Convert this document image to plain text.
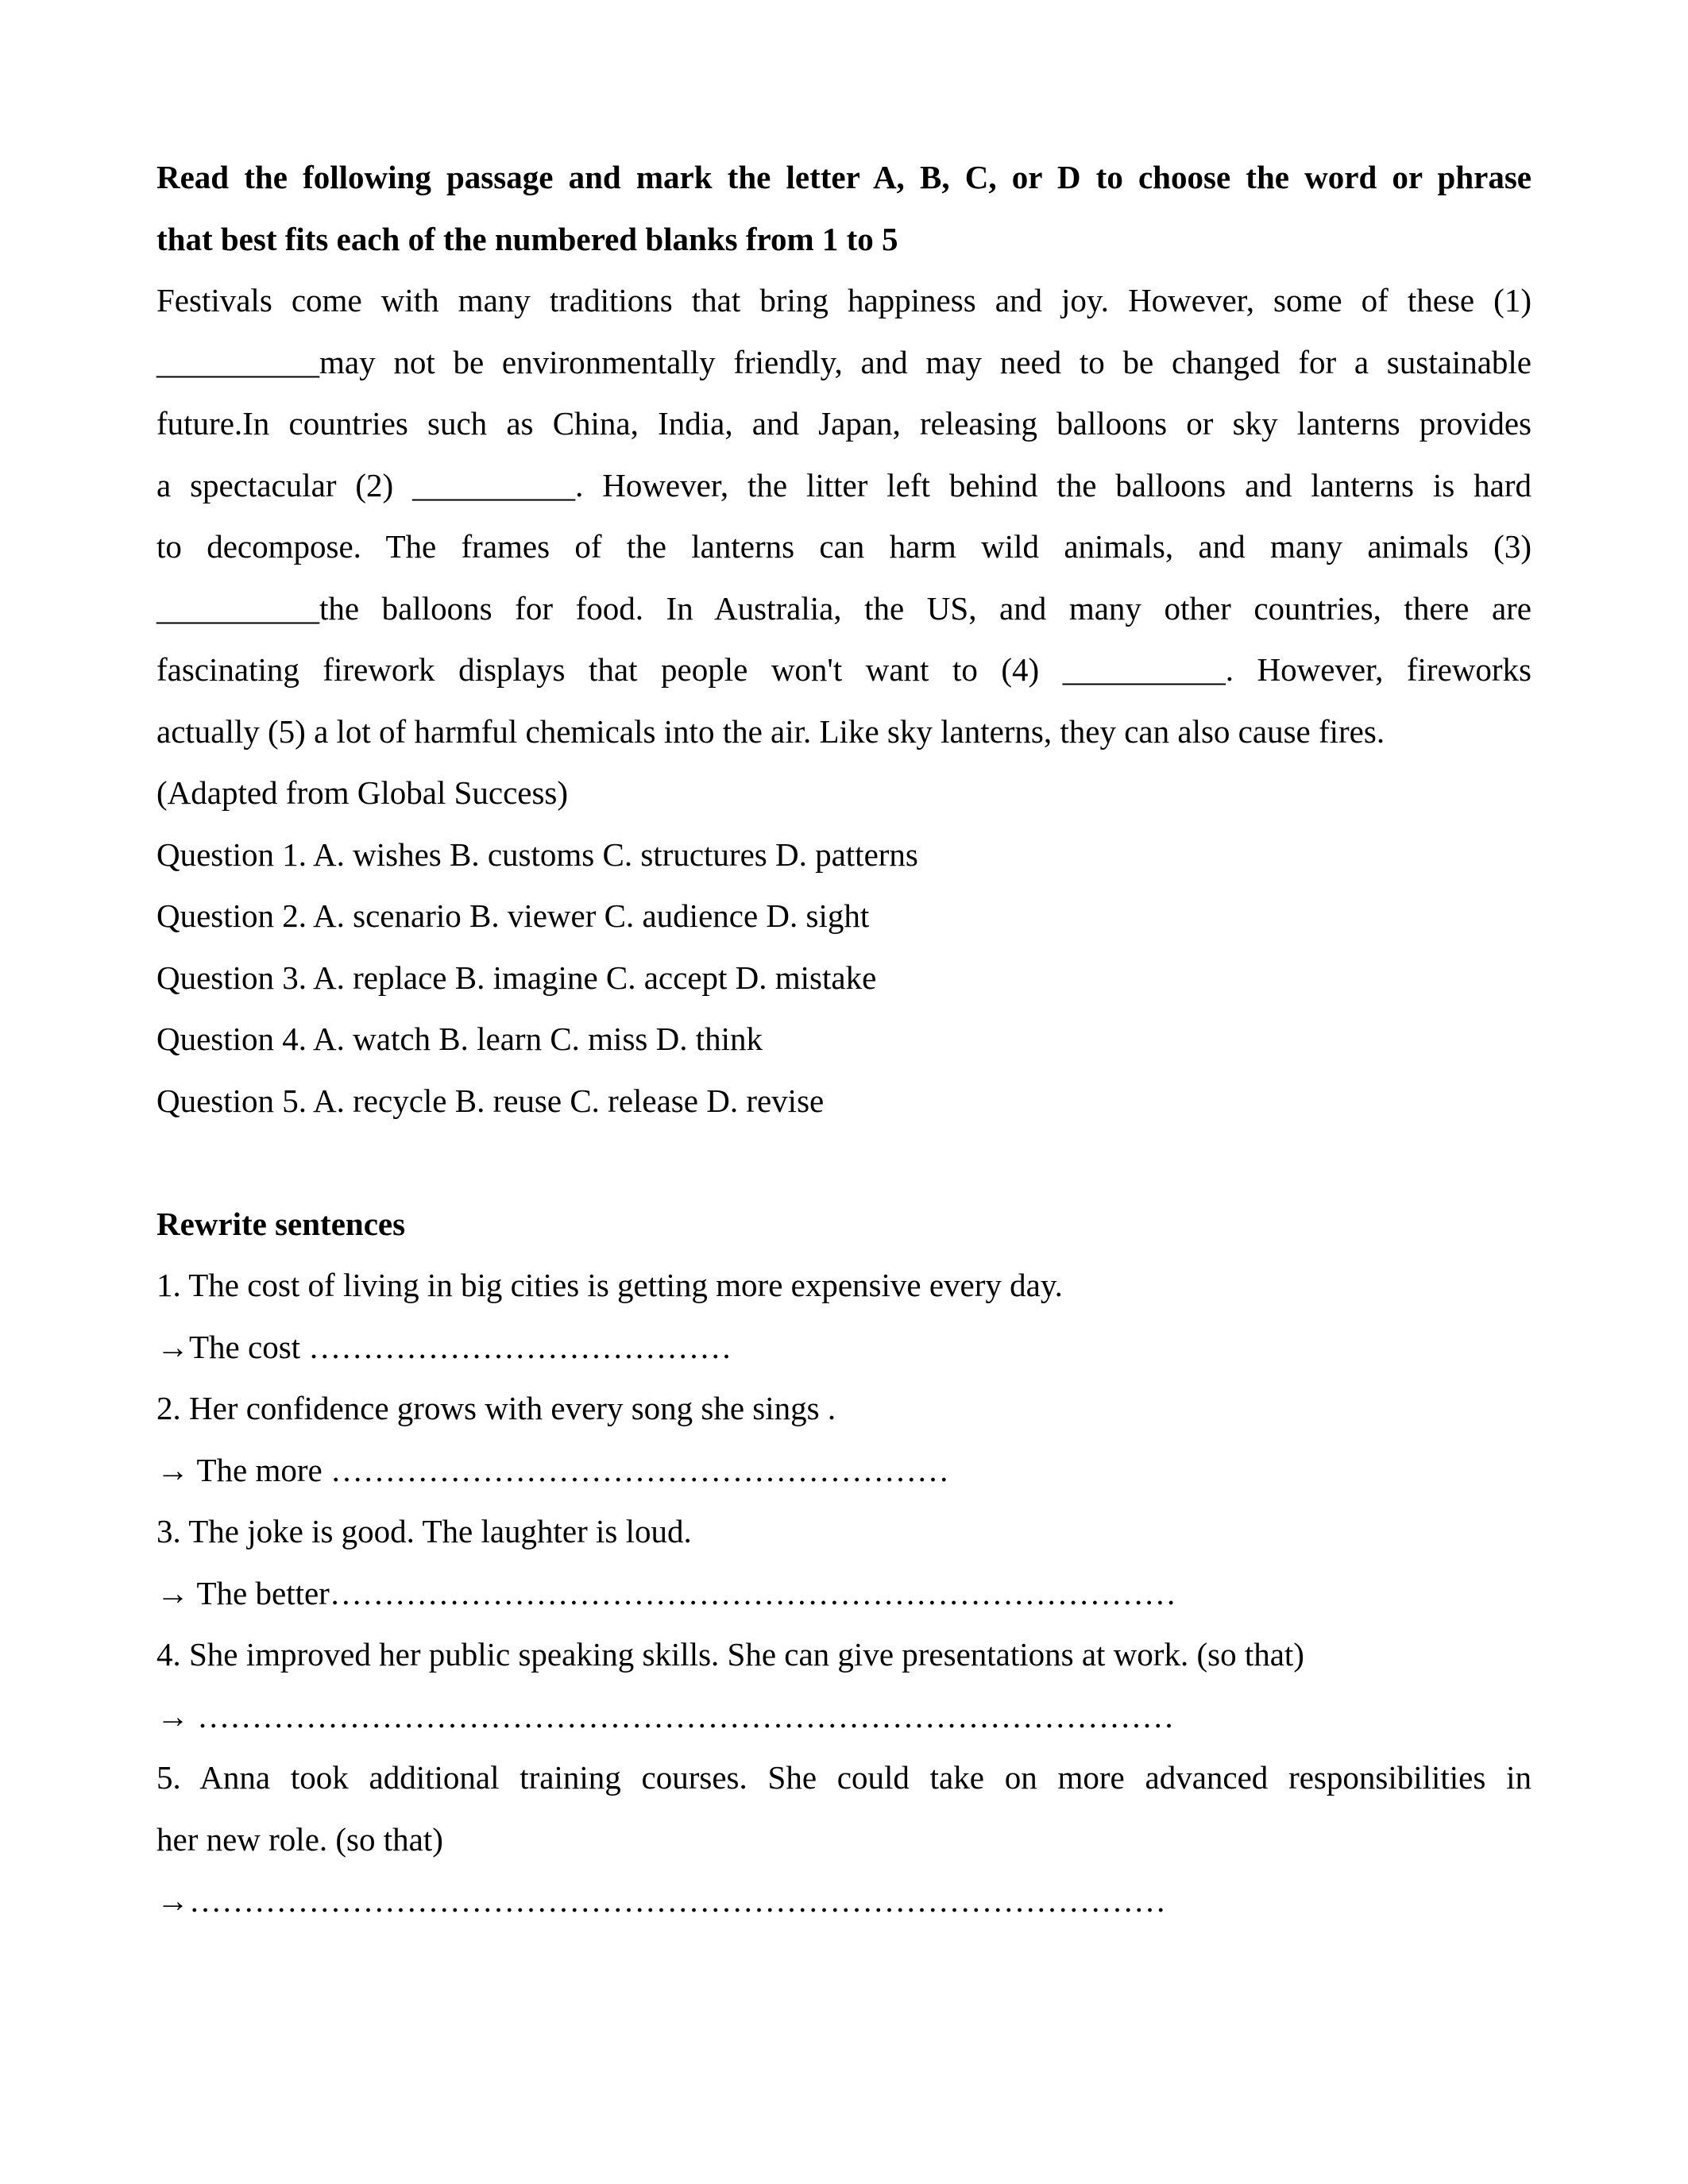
Read the following passage and mark the letter A, B, C, or D to choose the word or phrase
that best fits each of the numbered blanks from 1 to 5
Festivals come with many traditions that bring happiness and joy. However, some of these (1)
__________may not be environmentally friendly, and may need to be changed for a sustainable
future.In countries such as China, India, and Japan, releasing balloons or sky lanterns provides
a spectacular (2) __________. However, the litter left behind the balloons and lanterns is hard
to decompose. The frames of the lanterns can harm wild animals, and many animals (3)
__________the balloons for food. In Australia, the US, and many other countries, there are
fascinating firework displays that people won't want to (4) __________. However, fireworks
actually (5) a lot of harmful chemicals into the air. Like sky lanterns, they can also cause fires.
(Adapted from Global Success)
Question 1. A. wishes B. customs C. structures D. patterns
Question 2. A. scenario B. viewer C. audience D. sight
Question 3. A. replace B. imagine C. accept D. mistake
Question 4. A. watch B. learn C. miss D. think
Question 5. A. recycle B. reuse C. release D. revise
Rewrite sentences
1. The cost of living in big cities is getting more expensive every day.
→The cost …………………………………
2. Her confidence grows with every song she sings .
→ The more …………………………………………………
3. The joke is good. The laughter is loud.
→ The better……………………………………………………………………
4. She improved her public speaking skills. She can give presentations at work. (so that)
→ ………………………………………………………………………………
5. Anna took additional training courses. She could take on more advanced responsibilities in
her new role. (so that)
→………………………………………………………………………………
